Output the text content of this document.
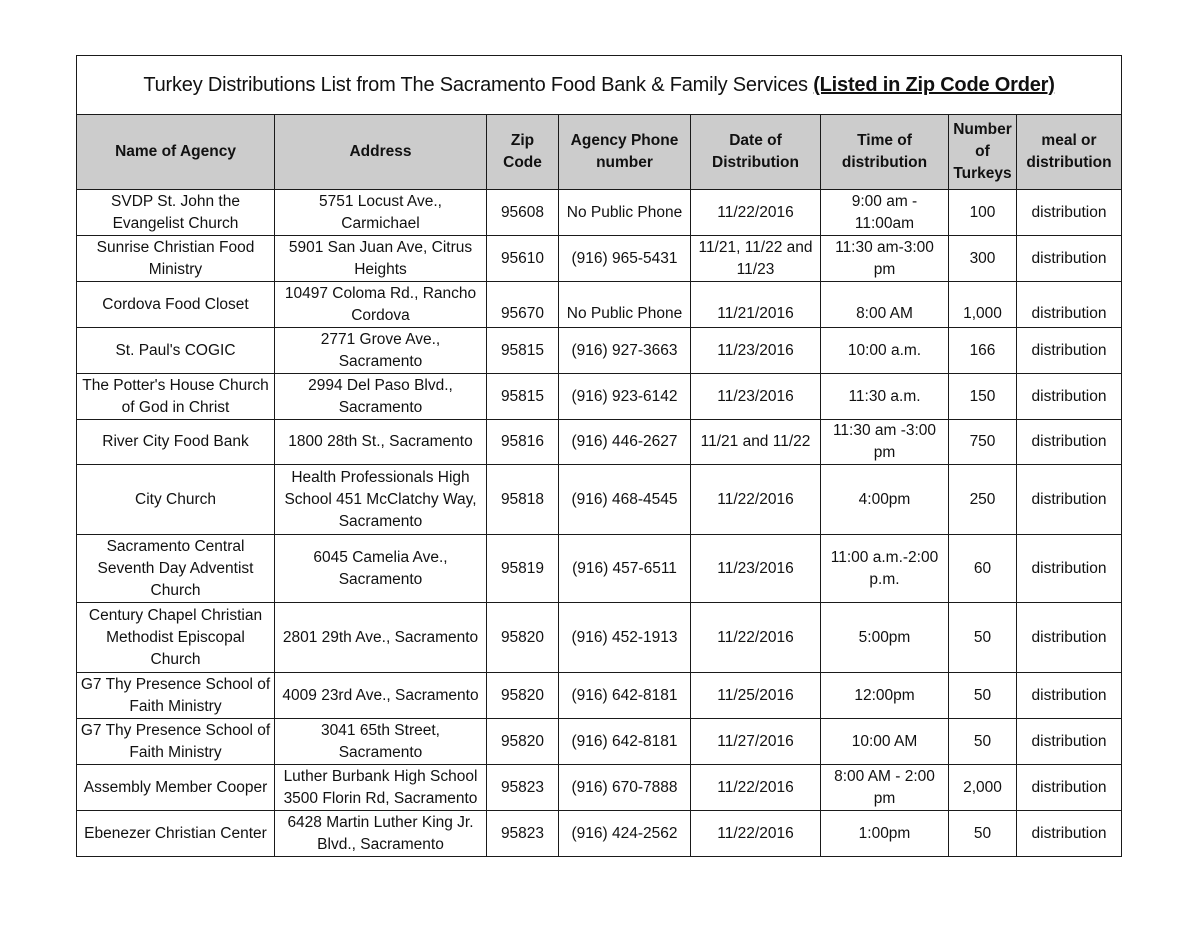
Turkey Distributions List from The Sacramento Food Bank & Family Services (Listed in Zip Code Order)							
Name of Agency	Address	Zip Code	Agency Phone number	Date of Distribution	Time of distribution	Number of Turkeys	meal or distribution
SVDP St. John the Evangelist Church	5751 Locust Ave., Carmichael	95608	No Public Phone	11/22/2016	9:00 am - 11:00am	100	distribution
Sunrise Christian Food Ministry	5901 San Juan Ave, Citrus Heights	95610	(916) 965-5431	11/21, 11/22 and 11/23	11:30 am-3:00 pm	300	distribution
Cordova Food Closet	10497 Coloma Rd., Rancho Cordova	95670	No Public Phone	11/21/2016	8:00 AM	1,000	distribution
St. Paul's COGIC	2771 Grove Ave., Sacramento	95815	(916) 927-3663	11/23/2016	10:00 a.m.	166	distribution
The Potter's House Church of God in Christ	2994 Del Paso Blvd., Sacramento	95815	(916) 923-6142	11/23/2016	11:30 a.m.	150	distribution
River City Food Bank	1800 28th St., Sacramento	95816	(916) 446-2627	11/21 and 11/22	11:30 am -3:00 pm	750	distribution
City Church	Health Professionals High School 451 McClatchy Way, Sacramento	95818	(916) 468-4545	11/22/2016	4:00pm	250	distribution
Sacramento Central Seventh Day Adventist Church	6045 Camelia Ave., Sacramento	95819	(916) 457-6511	11/23/2016	11:00 a.m.-2:00 p.m.	60	distribution
Century Chapel Christian Methodist Episcopal Church	2801 29th Ave., Sacramento	95820	(916) 452-1913	11/22/2016	5:00pm	50	distribution
G7 Thy Presence School of Faith Ministry	4009 23rd Ave., Sacramento	95820	(916) 642-8181	11/25/2016	12:00pm	50	distribution
G7 Thy Presence School of Faith Ministry	3041 65th Street, Sacramento	95820	(916) 642-8181	11/27/2016	10:00 AM	50	distribution
Assembly Member Cooper	Luther Burbank High School 3500 Florin Rd, Sacramento	95823	(916) 670-7888	11/22/2016	8:00 AM - 2:00 pm	2,000	distribution
Ebenezer Christian Center	6428 Martin Luther King Jr. Blvd., Sacramento	95823	(916) 424-2562	11/22/2016	1:00pm	50	distribution
